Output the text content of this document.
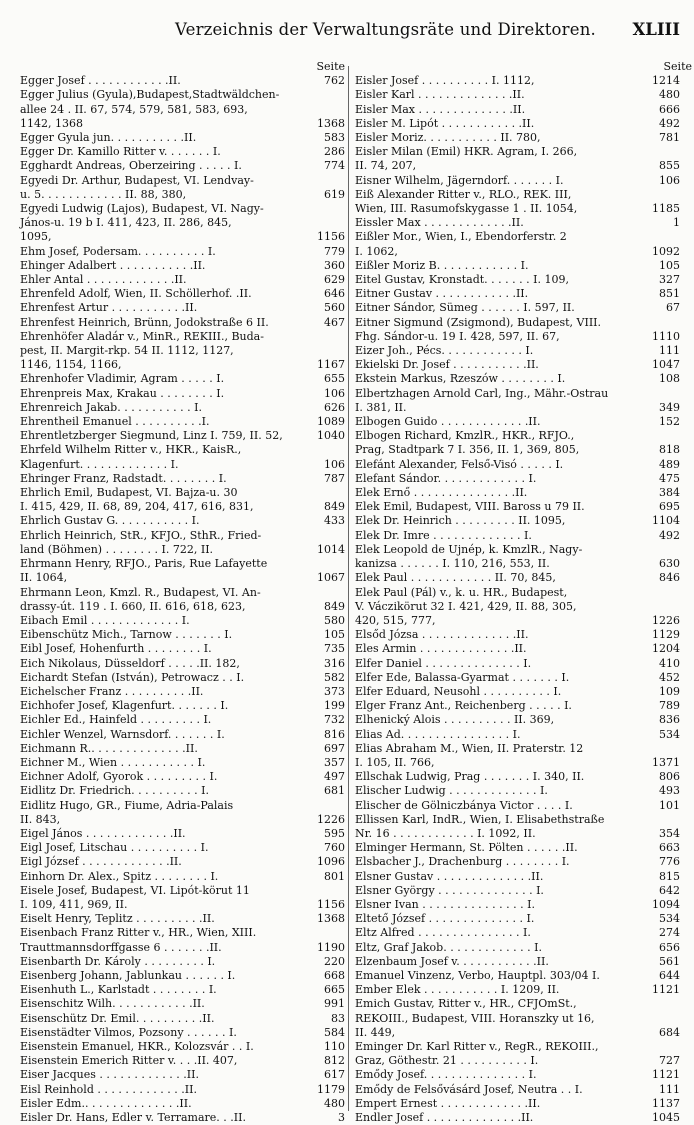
Verzeichnis der Verwaltungsräte und Direktoren. XLIII
Seite
Egger Josef . . . . . . . . . . . .II.	762
Egger Julius (Gyula),Budapest,Stadtwäldchen-
allee 24 . II. 67, 574, 579, 581, 583, 693,
1142, 1368	1368
Egger Gyula jun. . . . . . . . . . .II.	583
Egger Dr. Kamillo Ritter v. . . . . . . I.	286
Egghardt Andreas, Oberzeiring . . . . . I.	774
Egyedi Dr. Arthur, Budapest, VI. Lendvay-
u. 5. . . . . . . . . . . . II. 88, 380,	619
Egyedi Ludwig (Lajos), Budapest, VI. Nagy-
János-u. 19 b I. 411, 423, II. 286, 845,
1095,	1156
Ehm Josef, Podersam. . . . . . . . . . I.	779
Ehinger Adalbert . . . . . . . . . . .II.	360
Ehler Antal . . . . . . . . . . . . .II.	629
Ehrenfeld Adolf, Wien, II. Schöllerhof. .II.	646
Ehrenfest Artur . . . . . . . . . . .II.	560
Ehrenfest Heinrich, Brünn, Jodokstraße 6 II.	467
Ehrenhöfer Aladár v., MinR., REKIII., Buda-
pest, II. Margit-rkp. 54 II. 1112, 1127,
1146, 1154, 1166,	1167
Ehrenhofer Vladimir, Agram . . . . . I.	655
Ehrenpreis Max, Krakau . . . . . . . . I.	106
Ehrenreich Jakab. . . . . . . . . . . I.	626
Ehrentheil Emanuel . . . . . . . . . .I.	1089
Ehrentletzberger Siegmund, Linz I. 759, II. 52,	1040
Ehrfeld Wilhelm Ritter v., HKR., KaisR.,
Klagenfurt. . . . . . . . . . . . . I.	106
Ehringer Franz, Radstadt. . . . . . . . I.	787
Ehrlich Emil, Budapest, VI. Bajza-u. 30
I. 415, 429, II. 68, 89, 204, 417, 616, 831,	849
Ehrlich Gustav G. . . . . . . . . . . I.	433
Ehrlich Heinrich, StR., KFJO., SthR., Fried-
land (Böhmen) . . . . . . . . I. 722, II.	1014
Ehrmann Henry, RFJO., Paris, Rue Lafayette
II. 1064,	1067
Ehrmann Leon, Kmzl. R., Budapest, VI. An-
drassy-út. 119 . I. 660, II. 616, 618, 623,	849
Eibach Emil . . . . . . . . . . . . . I.	580
Eibenschütz Mich., Tarnow . . . . . . . I.	105
Eibl Josef, Hohenfurth . . . . . . . . I.	735
Eich Nikolaus, Düsseldorf . . . . .II. 182,	316
Eichardt Stefan (István), Petrowacz . . I.	582
Eichelscher Franz . . . . . . . . . .II.	373
Eichhofer Josef, Klagenfurt. . . . . . . I.	199
Eichler Ed., Hainfeld . . . . . . . . . I.	732
Eichler Wenzel, Warnsdorf. . . . . . . I.	816
Eichmann R.. . . . . . . . . . . . . .II.	697
Eichner M., Wien . . . . . . . . . . . I.	357
Eichner Adolf, Gyorok . . . . . . . . . I.	497
Eidlitz Dr. Friedrich. . . . . . . . . . I.	681
Eidlitz Hugo, GR., Fiume, Adria-Palais
II. 843,	1226
Eigel János . . . . . . . . . . . . .II.	595
Eigl Josef, Litschau . . . . . . . . . . I.	760
Eigl József . . . . . . . . . . . . .II.	1096
Einhorn Dr. Alex., Spitz . . . . . . . . I.	801
Eisele Josef, Budapest, VI. Lipót-körut 11
I. 109, 411, 969, II.	1156
Eiselt Henry, Teplitz . . . . . . . . . .II.	1368
Eisenbach Franz Ritter v., HR., Wien, XIII.
Trauttmannsdorffgasse 6 . . . . . . .II.	1190
Eisenbarth Dr. Károly . . . . . . . . . I.	220
Eisenberg Johann, Jablunkau . . . . . . I.	668
Eisenhuth L., Karlstadt . . . . . . . . I.	665
Eisenschitz Wilh. . . . . . . . . . . .II.	991
Eisenschütz Dr. Emil. . . . . . . . . .II.	83
Eisenstädter Vilmos, Pozsony . . . . . . I.	584
Eisenstein Emanuel, HKR., Kolozsvár . . I.	110
Eisenstein Emerich Ritter v. . . .II. 407,	812
Eiser Jacques . . . . . . . . . . . . .II.	617
Eisl Reinhold . . . . . . . . . . . . .II.	1179
Eisler Edm.. . . . . . . . . . . . . .II.	480
Eisler Dr. Hans, Edler v. Terramare. . .II.	3
Seite
Eisler Josef . . . . . . . . . . I. 1112,	1214
Eisler Karl . . . . . . . . . . . . . .II.	480
Eisler Max . . . . . . . . . . . . . .II.	666
Eisler M. Lipót . . . . . . . . . . . .II.	492
Eisler Moriz. . . . . . . . . . . II. 780,	781
Eisler Milan (Emil) HKR. Agram, I. 266,
II. 74, 207,	855
Eisner Wilhelm, Jägerndorf. . . . . . . I.	106
Eiß Alexander Ritter v., RLO., REK. III,
Wien, III. Rasumofskygasse 1 . II. 1054,	1185
Eissler Max . . . . . . . . . . . . .II.	1
Eißler Mor., Wien, I., Ebendorferstr. 2
I. 1062,	1092
Eißler Moriz B. . . . . . . . . . . . I.	105
Eitel Gustav, Kronstadt. . . . . . . I. 109,	327
Eitner Gustav . . . . . . . . . . . .II.	851
Eitner Sándor, Sümeg . . . . . . I. 597, II.	67
Eitner Sigmund (Zsigmond), Budapest, VIII.
Fhg. Sándor-u. 19 I. 428, 597, II. 67,	1110
Eizer Joh., Pécs. . . . . . . . . . . . I.	111
Ekielski Dr. Josef . . . . . . . . . . .II.	1047
Ekstein Markus, Rzeszów . . . . . . . . I.	108
Elbertzhagen Arnold Carl, Ing., Mähr.-Ostrau
I. 381, II.	349
Elbogen Guido . . . . . . . . . . . . .II.	152
Elbogen Richard, KmzlR., HKR., RFJO.,
Prag, Stadtpark 7 I. 356, II. 1, 369, 805,	818
Elefánt Alexander, Felső-Visó . . . . . I.	489
Elefant Sándor. . . . . . . . . . . . . I.	475
Elek Ernő . . . . . . . . . . . . . . .II.	384
Elek Emil, Budapest, VIII. Baross u 79 II.	695
Elek Dr. Heinrich . . . . . . . . . II. 1095,	1104
Elek Dr. Imre . . . . . . . . . . . . . I.	492
Elek Leopold de Ujnép, k. KmzlR., Nagy-
kanizsa . . . . . . I. 110, 216, 553, II.	630
Elek Paul . . . . . . . . . . . . II. 70, 845,	846
Elek Paul (Pál) v., k. u. HR., Budapest,
V. Váczikörut 32 I. 421, 429, II. 88, 305,
420, 515, 777,	1226
Elsőd Józsa . . . . . . . . . . . . . .II.	1129
Eles Armin . . . . . . . . . . . . . .II.	1204
Elfer Daniel . . . . . . . . . . . . . . I.	410
Elfer Ede, Balassa-Gyarmat . . . . . . . I.	452
Elfer Eduard, Neusohl . . . . . . . . . . I.	109
Elger Franz Ant., Reichenberg . . . . . I.	789
Elhenický Alois . . . . . . . . . . II. 369,	836
Elias Ad. . . . . . . . . . . . . . . . I.	534
Elias Abraham M., Wien, II. Praterstr. 12
I. 105, II. 766,	1371
Ellschak Ludwig, Prag . . . . . . . I. 340, II.	806
Elischer Ludwig . . . . . . . . . . . . . I.	493
Elischer de Gölniczbánya Victor . . . . I.	101
Ellissen Karl, IndR., Wien, I. Elisabethstraße
Nr. 16 . . . . . . . . . . . . I. 1092, II.	354
Elminger Hermann, St. Pölten . . . . . .II.	663
Elsbacher J., Drachenburg . . . . . . . . I.	776
Elsner Gustav . . . . . . . . . . . . . .II.	815
Elsner György . . . . . . . . . . . . . . I.	642
Elsner Ivan . . . . . . . . . . . . . . . I.	1094
Eltető József . . . . . . . . . . . . . . I.	534
Eltz Alfred . . . . . . . . . . . . . . . I.	274
Eltz, Graf Jakob. . . . . . . . . . . . . I.	656
Elzenbaum Josef v. . . . . . . . . . . .II.	561
Emanuel Vinzenz, Verbo, Hauptpl. 303/04 I.	644
Ember Elek . . . . . . . . . . . I. 1209, II.	1121
Emich Gustav, Ritter v., HR., CFJOmSt.,
REKOIII., Budapest, VIII. Horanszky ut 16,
II. 449,	684
Eminger Dr. Karl Ritter v., RegR., REKOIII.,
Graz, Göthestr. 21 . . . . . . . . . . I.	727
Emődy Josef. . . . . . . . . . . . . . . I.	1121
Emődy de Felsővásárd Josef, Neutra . . I.	111
Empert Ernest . . . . . . . . . . . . .II.	1137
Endler Josef . . . . . . . . . . . . . .II.	1045
